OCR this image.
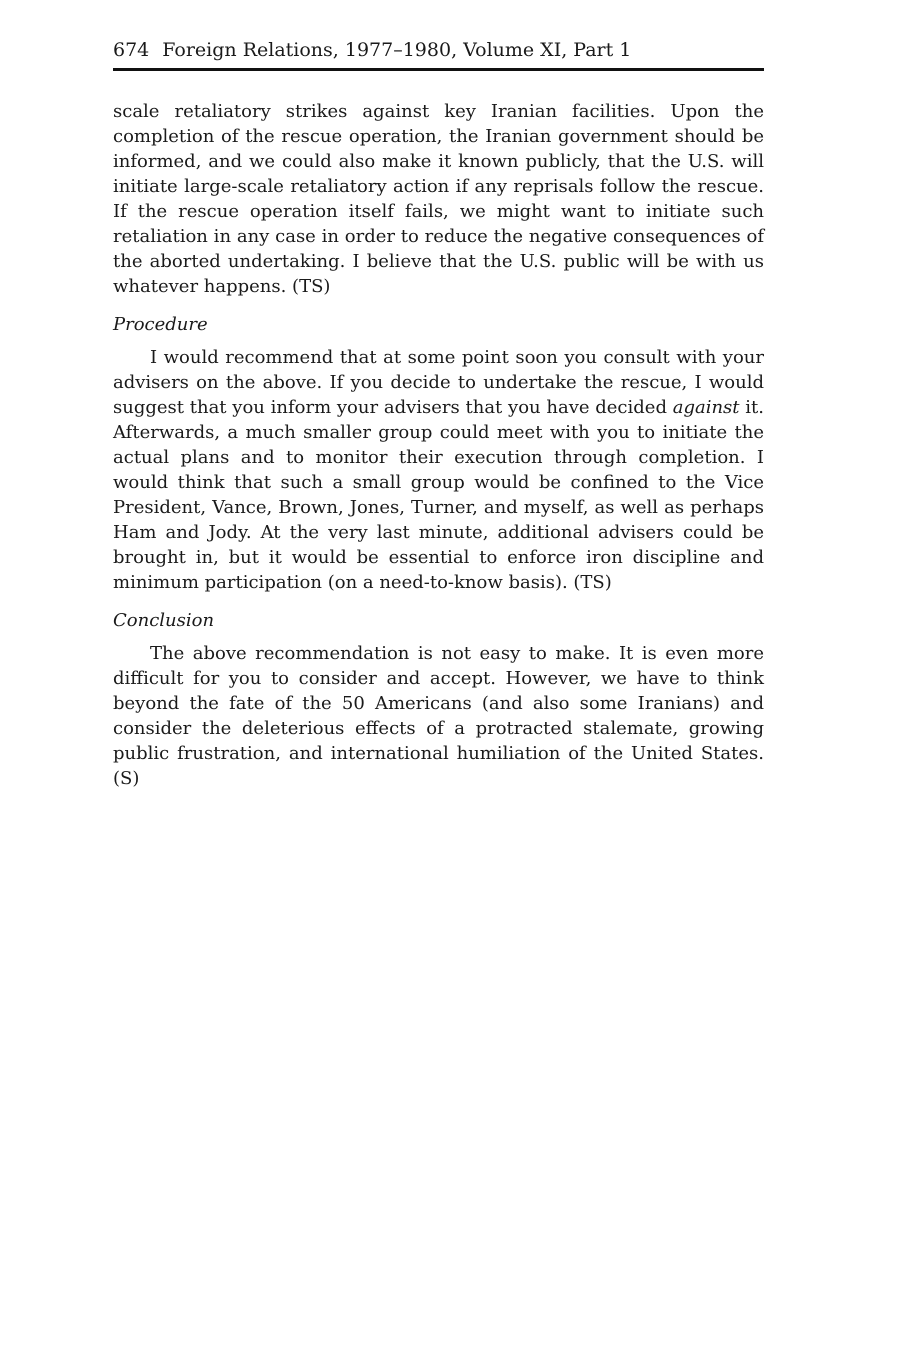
674 Foreign Relations, 1977–1980, Volume XI, Part 1

scale retaliatory strikes against key Iranian facilities. Upon the completion of the rescue operation, the Iranian government should be informed, and we could also make it known publicly, that the U.S. will initiate large-scale retaliatory action if any reprisals follow the rescue. If the rescue operation itself fails, we might want to initiate such retaliation in any case in order to reduce the negative consequences of the aborted undertaking. I believe that the U.S. public will be with us whatever happens. (TS)

Procedure

I would recommend that at some point soon you consult with your advisers on the above. If you decide to undertake the rescue, I would suggest that you inform your advisers that you have decided against it. Afterwards, a much smaller group could meet with you to initiate the actual plans and to monitor their execution through completion. I would think that such a small group would be confined to the Vice President, Vance, Brown, Jones, Turner, and myself, as well as perhaps Ham and Jody. At the very last minute, additional advisers could be brought in, but it would be essential to enforce iron discipline and minimum participation (on a need-to-know basis). (TS)

Conclusion

The above recommendation is not easy to make. It is even more difficult for you to consider and accept. However, we have to think beyond the fate of the 50 Americans (and also some Iranians) and consider the deleterious effects of a protracted stalemate, growing public frustration, and international humiliation of the United States. (S)
